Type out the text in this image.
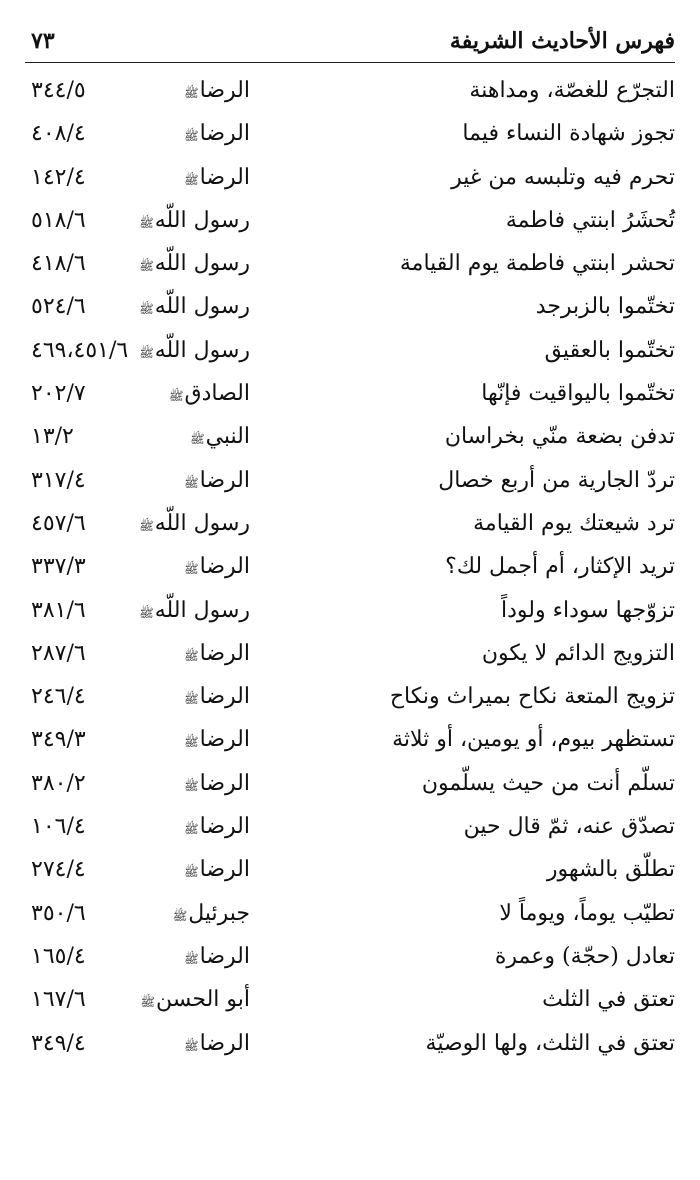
فهرس الأحاديث الشريفة
٧٣
التجرّع للغصّة، ومداهنة
الرضاﷺ
٣٤٤/٥
تجوز شهادة النساء فيما
الرضاﷺ
٤٠٨/٤
تحرم فيه وتلبسه من غير
الرضاﷺ
١٤٢/٤
تُحشَرُ ابنتي فاطمة
رسول اللّهﷺ
٥١٨/٦
تحشر ابنتي فاطمة يوم القيامة
رسول اللّهﷺ
٤١٨/٦
تختّموا بالزبرجد
رسول اللّهﷺ
٥٢٤/٦
تختّموا بالعقيق
رسول اللّهﷺ
٤٦٩،٤٥١/٦
تختّموا باليواقيت فإنّها
الصادقﷺ
٢٠٢/٧
تدفن بضعة منّي بخراسان
النبيﷺ
١٣/٢
تردّ الجارية من أربع خصال
الرضاﷺ
٣١٧/٤
ترد شيعتك يوم القيامة
رسول اللّهﷺ
٤٥٧/٦
تريد الإكثار، أم أجمل لك؟
الرضاﷺ
٣٣٧/٣
تزوّجها سوداء ولوداً
رسول اللّهﷺ
٣٨١/٦
التزويج الدائم لا يكون
الرضاﷺ
٢٨٧/٦
تزويج المتعة نكاح بميراث ونكاح
الرضاﷺ
٢٤٦/٤
تستظهر بيوم، أو يومين، أو ثلاثة
الرضاﷺ
٣٤٩/٣
تسلّم أنت من حيث يسلّمون
الرضاﷺ
٣٨٠/٢
تصدّق عنه، ثمّ قال حين
الرضاﷺ
١٠٦/٤
تطلّق بالشهور
الرضاﷺ
٢٧٤/٤
تطيّب يوماً، ويوماً لا
جبرئيلﷺ
٣٥٠/٦
تعادل (حجّة) وعمرة
الرضاﷺ
١٦٥/٤
تعتق في الثلث
أبو الحسنﷺ
١٦٧/٦
تعتق في الثلث، ولها الوصيّة
الرضاﷺ
٣٤٩/٤
